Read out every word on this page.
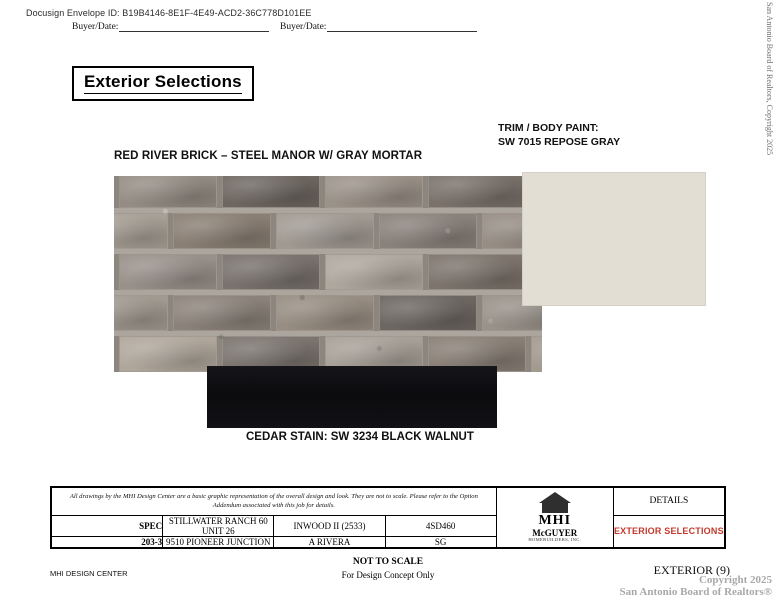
Docusign Envelope ID: B19B4146-8E1F-4E49-ACD2-36C778D101EE
Buyer/Date:	Buyer/Date:	San Antonio Board of Realtors, Copyright 2025
Exterior Selections
RED RIVER BRICK – STEEL MANOR W/ GRAY MORTAR
TRIM / BODY PAINT:
SW 7015 REPOSE GRAY
CEDAR STAIN: SW 3234 BLACK WALNUT
All drawings by the MHI Design Center are a basic graphic representation of the overall design and look. They are not to scale. Please refer to the Option Addendum associated with this job for details.

MHI
McGUYER
HOMEBUILDERS, INC.
	DETAILS
SPEC	STILLWATER RANCH 60 UNIT 26	INWOOD II (2533)	4SD460		EXTERIOR SELECTIONS
203-3	9510 PIONEER JUNCTION	A RIVERA	SG		
NOT TO SCALE
For Design Concept Only
MHI DESIGN CENTER	EXTERIOR (9)
Copyright 2025
San Antonio Board of Realtors®
